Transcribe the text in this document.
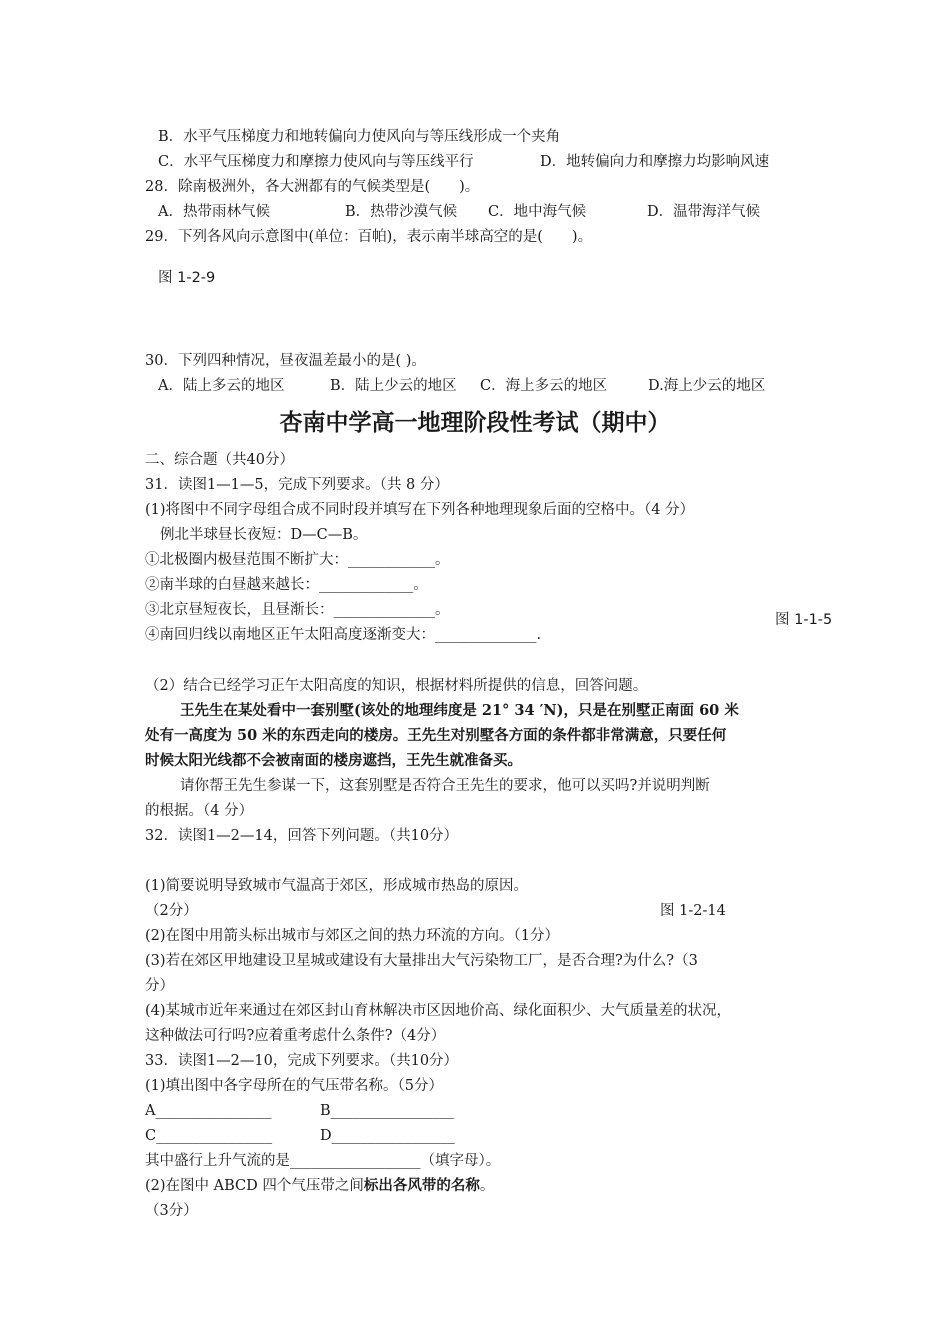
B．水平气压梯度力和地转偏向力使风向与等压线形成一个夹角
C．水平气压梯度力和摩擦力使风向与等压线平行	D．地转偏向力和摩擦力均影响风速
28．除南极洲外，各大洲都有的气候类型是(　　)。
A．热带雨林气候	B．热带沙漠气候 C．地中海气候	D．温带海洋气候
29．下列各风向示意图中(单位：百帕)，表示南半球高空的是(　　)。
图 1-2-9
30．下列四种情况，昼夜温差最小的是( )。
A．陆上多云的地区	B．陆上少云的地区 C．海上多云的地区	D.海上少云的地区
杏南中学高一地理阶段性考试（期中）
二、综合题（共40分）
31．读图1—1—5，完成下列要求。（共 8 分）
(1)将图中不同字母组合成不同时段并填写在下列各种地理现象后面的空格中。（4 分）
例北半球昼长夜短：D—C—B。
①北极圈内极昼范围不断扩大：____________。
②南半球的白昼越来越长：_____________。
③北京昼短夜长，且昼渐长：______________。
图 1-1-5
④南回归线以南地区正午太阳高度逐渐变大：______________.
（2）结合已经学习正午太阳高度的知识，根据材料所提供的信息，回答问题。
王先生在某处看中一套别墅(该处的地理纬度是 21° 34 ′N)，只是在别墅正南面 60 米
处有一高度为 50 米的东西走向的楼房。王先生对别墅各方面的条件都非常满意，只要任何
时候太阳光线都不会被南面的楼房遮挡，王先生就准备买。
请你帮王先生参谋一下，这套别墅是否符合王先生的要求，他可以买吗?并说明判断
的根据。（4 分）
32．读图1—2—14，回答下列问题。（共10分）
(1)简要说明导致城市气温高于郊区，形成城市热岛的原因。
（2分）	图 1-2-14
(2)在图中用箭头标出城市与郊区之间的热力环流的方向。（1分）
(3)若在郊区甲地建设卫星城或建设有大量排出大气污染物工厂，是否合理?为什么?（3
分）
(4)某城市近年来通过在郊区封山育林解决市区因地价高、绿化面积少、大气质量差的状况，
这种做法可行吗?应着重考虑什么条件?（4分）
33．读图1—2—10，完成下列要求。（共10分）
(1)填出图中各字母所在的气压带名称。（5分）
A________________	B_________________
C________________	D_________________
其中盛行上升气流的是__________________（填字母）。
(2)在图中 ABCD 四个气压带之间标出各风带的名称。
（3分）
